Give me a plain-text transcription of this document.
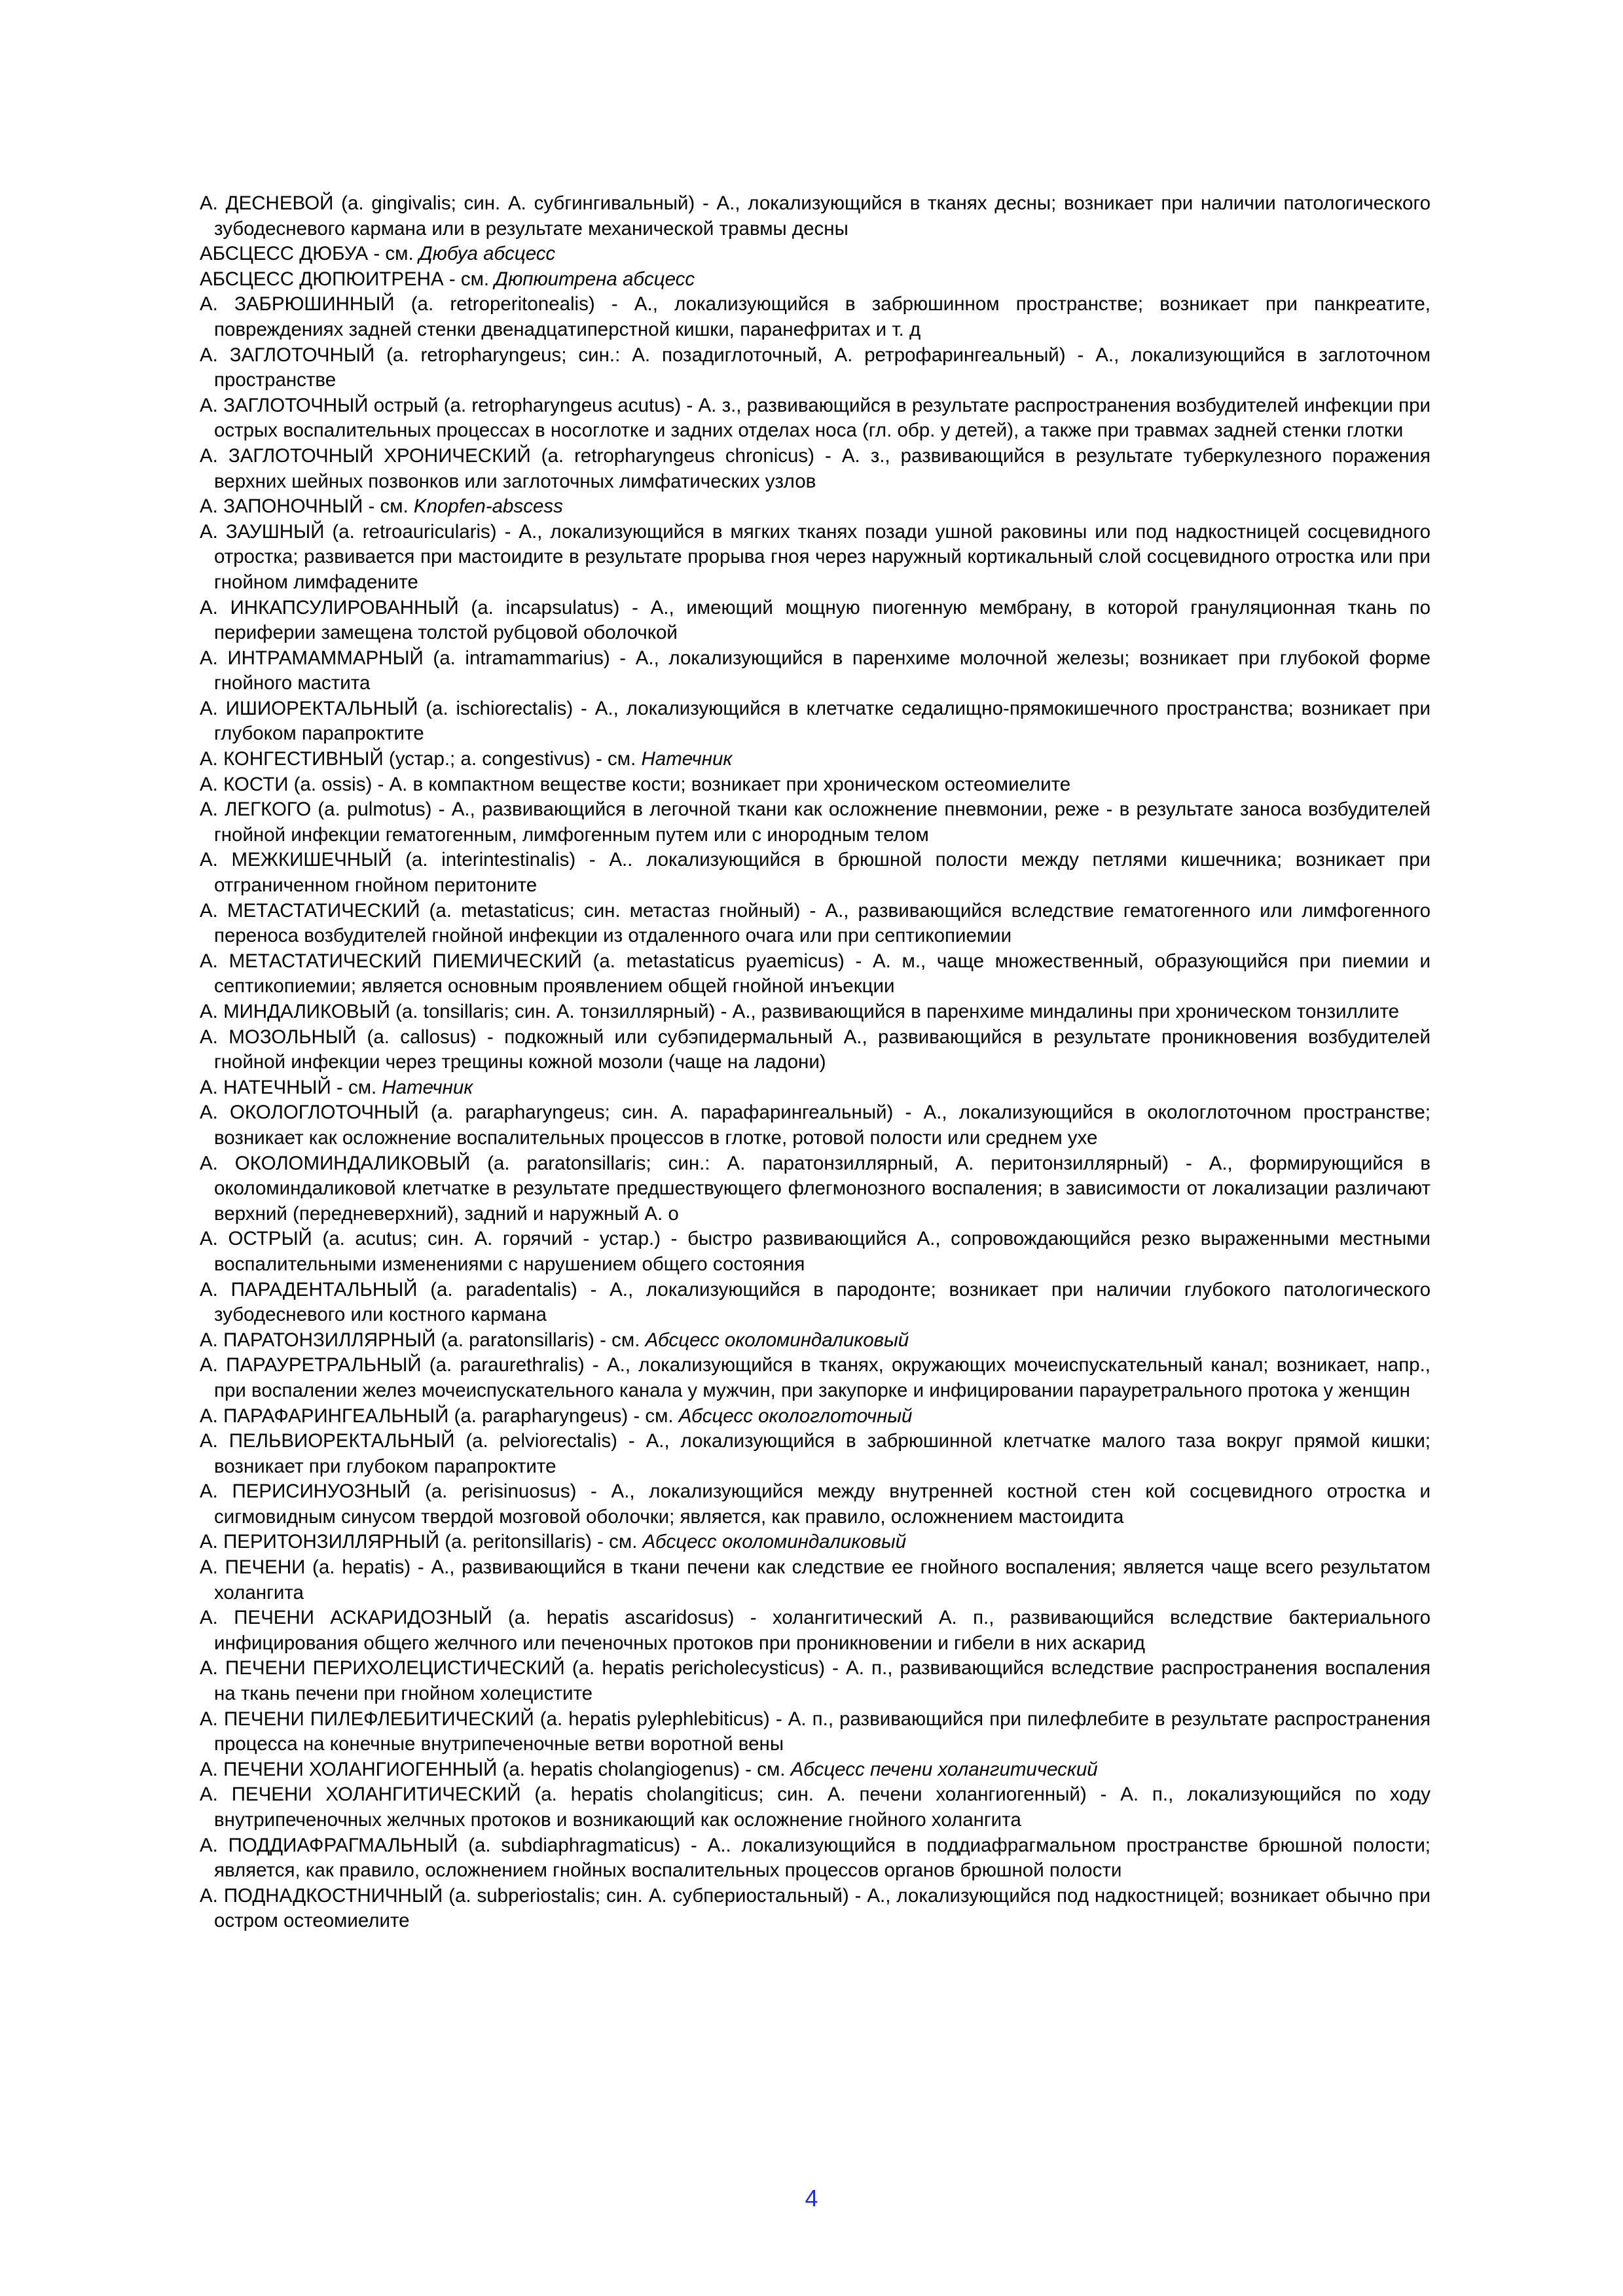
А. ДЕСНЕВОЙ (a. gingivalis; син. А. субгингивальный) - А., локализующийся в тканях десны; возникает при наличии патологического зубодесневого кармана или в результате механической травмы десны

АБСЦЕСС ДЮБУА - см. Дюбуа абсцесс

АБСЦЕСС ДЮПЮИТРЕНА - см. Дюпюитрена абсцесс

А. ЗАБРЮШИННЫЙ (a. retroperitonealis) - А., локализующийся в забрюшинном пространстве; возникает при панкреатите, повреждениях задней стенки двенадцатиперстной кишки, паранефритах и т. д

А. ЗАГЛОТОЧНЫЙ (a. retropharyngeus; син.: А. позадиглоточный, А. ретрофарингеальный) - А., локализующийся в заглоточном пространстве

А. ЗАГЛОТОЧНЫЙ острый (a. retropharyngeus acutus) - А. з., развивающийся в результате распространения возбудителей инфекции при острых воспалительных процессах в носоглотке и задних отделах носа (гл. обр. у детей), а также при травмах задней стенки глотки

А. ЗАГЛОТОЧНЫЙ ХРОНИЧЕСКИЙ (a. retropharyngeus chronicus) - А. з., развивающийся в результате туберкулезного поражения верхних шейных позвонков или заглоточных лимфатических узлов

А. ЗАПОНОЧНЫЙ - см. Knopfen-abscess

А. ЗАУШНЫЙ (a. retroauricularis) - А., локализующийся в мягких тканях позади ушной раковины или под надкостницей сосцевидного отростка; развивается при мастоидите в результате прорыва гноя через наружный кортикальный слой сосцевидного отростка или при гнойном лимфадените

А. ИНКАПСУЛИРОВАННЫЙ (a. incapsulatus) - А., имеющий мощную пиогенную мембрану, в которой грануляционная ткань по периферии замещена толстой рубцовой оболочкой

А. ИНТРАМАММАРНЫЙ (a. intramammarius) - А., локализующийся в паренхиме молочной железы; возникает при глубокой форме гнойного мастита

А. ИШИОРЕКТАЛЬНЫЙ (a. ischiorectalis) - А., локализующийся в клетчатке седалищно-прямокишечного пространства; возникает при глубоком парапроктите

А. КОНГЕСТИВНЫЙ (устар.; a. congestivus) - см. Натечник

А. КОСТИ (a. ossis) - А. в компактном веществе кости; возникает при хроническом остеомиелите

А. ЛЕГКОГО (a. pulmotus) - А., развивающийся в легочной ткани как осложнение пневмонии, реже - в результате заноса возбудителей гнойной инфекции гематогенным, лимфогенным путем или с инородным телом

А. МЕЖКИШЕЧНЫЙ (a. interintestinalis) - А.. локализующийся в брюшной полости между петлями кишечника; возникает при отграниченном гнойном перитоните

А. МЕТАСТАТИЧЕСКИЙ (a. metastaticus; син. метастаз гнойный) - А., развивающийся вследствие гематогенного или лимфогенного переноса возбудителей гнойной инфекции из отдаленного очага или при септикопиемии

А. МЕТАСТАТИЧЕСКИЙ ПИЕМИЧЕСКИЙ (a. metastaticus pyaemicus) - А. м., чаще множественный, образующийся при пиемии и септикопиемии; является основным проявлением общей гнойной инъекции

А. МИНДАЛИКОВЫЙ (a. tonsillaris; син. А. тонзиллярный) - А., развивающийся в паренхиме миндалины при хроническом тонзиллите

А. МОЗОЛЬНЫЙ (a. callosus) - подкожный или субэпидермальный А., развивающийся в результате проникновения возбудителей гнойной инфекции через трещины кожной мозоли (чаще на ладони)

А. НАТЕЧНЫЙ - см. Натечник

А. ОКОЛОГЛОТОЧНЫЙ (a. parapharyngeus; син. А. парафарингеальный) - А., локализующийся в окологлоточном пространстве; возникает как осложнение воспалительных процессов в глотке, ротовой полости или среднем ухе

А. ОКОЛОМИНДАЛИКОВЫЙ (a. paratonsillaris; син.: А. паратонзиллярный, А. перитонзиллярный) - А., формирующийся в околоминдаликовой клетчатке в результате предшествующего флегмонозного воспаления; в зависимости от локализации различают верхний (передневерхний), задний и наружный А. о

А. ОСТРЫЙ (a. acutus; син. А. горячий - устар.) - быстро развивающийся А., сопровождающийся резко выраженными местными воспалительными изменениями с нарушением общего состояния

А. ПАРАДЕНТАЛЬНЫЙ (a. paradentalis) - А., локализующийся в пародонте; возникает при наличии глубокого патологического зубодесневого или костного кармана

А. ПАРАТОНЗИЛЛЯРНЫЙ (a. paratonsillaris) - см. Абсцесс околоминдаликовый

А. ПАРАУРЕТРАЛЬНЫЙ (a. paraurethralis) - А., локализующийся в тканях, окружающих мочеиспускательный канал; возникает, напр., при воспалении желез мочеиспускательного канала у мужчин, при закупорке и инфицировании парауретрального протока у женщин

А. ПАРАФАРИНГЕАЛЬНЫЙ (a. parapharyngeus) - см. Абсцесс окологлоточный

А. ПЕЛЬВИОРЕКТАЛЬНЫЙ (a. pelviorectalis) - А., локализующийся в забрюшинной клетчатке малого таза вокруг прямой кишки; возникает при глубоком парапроктите

А. ПЕРИСИНУОЗНЫЙ (a. perisinuosus) - А., локализующийся между внутренней костной стен кой сосцевидного отростка и сигмовидным синусом твердой мозговой оболочки; является, как правило, осложнением мастоидита

А. ПЕРИТОНЗИЛЛЯРНЫЙ (a. peritonsillaris) - см. Абсцесс околоминдаликовый

А. ПЕЧЕНИ (a. hepatis) - А., развивающийся в ткани печени как следствие ее гнойного воспаления; является чаще всего результатом холангита

А. ПЕЧЕНИ АСКАРИДОЗНЫЙ (a. hepatis ascaridosus) - холангитический А. п., развивающийся вследствие бактериального инфицирования общего желчного или печеночных протоков при проникновении и гибели в них аскарид

А. ПЕЧЕНИ ПЕРИХОЛЕЦИСТИЧЕСКИЙ (a. hepatis pericholecysticus) - А. п., развивающийся вследствие распространения воспаления на ткань печени при гнойном холецистите

А. ПЕЧЕНИ ПИЛЕФЛЕБИТИЧЕСКИЙ (a. hepatis pylephlebiticus) - А. п., развивающийся при пилефлебите в результате распространения процесса на конечные внутрипеченочные ветви воротной вены

А. ПЕЧЕНИ ХОЛАНГИОГЕННЫЙ (a. hepatis cholangiogenus) - см. Абсцесс печени холангитический

А. ПЕЧЕНИ ХОЛАНГИТИЧЕСКИЙ (a. hepatis cholangiticus; син. А. печени холангиогенный) - А. п., локализующийся по ходу внутрипеченочных желчных протоков и возникающий как осложнение гнойного холангита

А. ПОДДИАФРАГМАЛЬНЫЙ (a. subdiaphragmaticus) - А.. локализующийся в поддиафрагмальном пространстве брюшной полости; является, как правило, осложнением гнойных воспалительных процессов органов брюшной полости

А. ПОДНАДКОСТНИЧНЫЙ (a. subperiostalis; син. А. субпериостальный) - А., локализующийся под надкостницей; возникает обычно при остром остеомиелите

4
